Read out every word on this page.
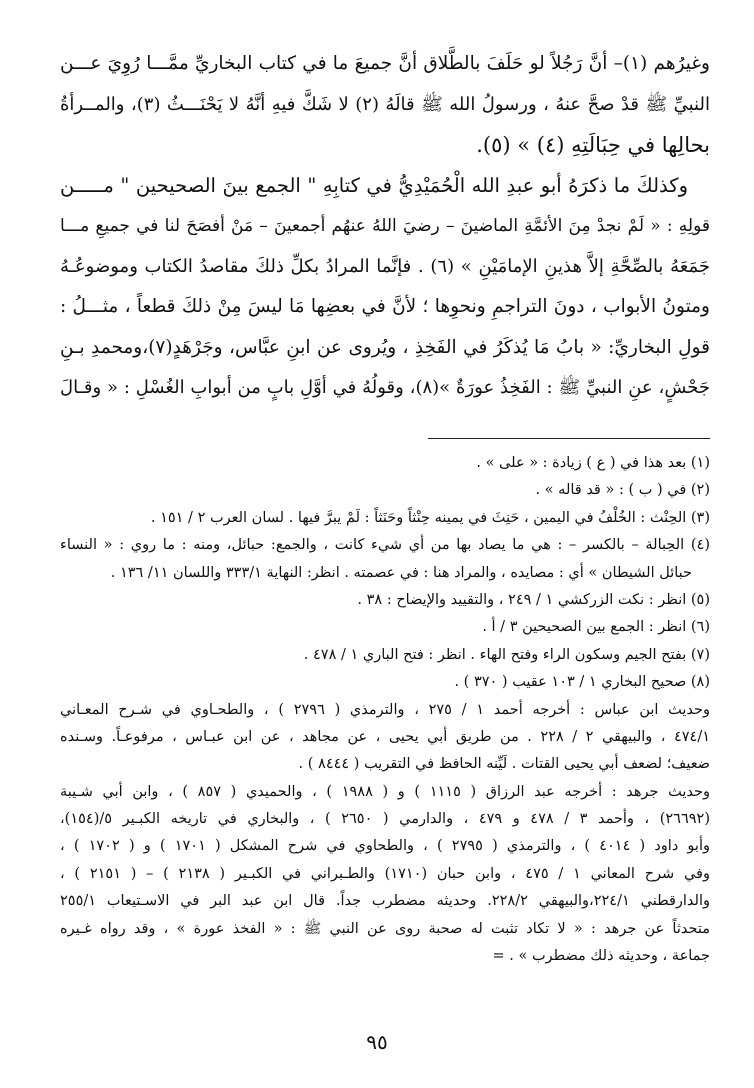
وغيرُهم (١)– أنَّ رَجُلاً لو حَلَفَ بالطَّلاق أنَّ جميعَ ما في كتاب البخاريِّ ممَّـــا رُوِيَ عـــن
النبيِّ ﷺ قدْ صحَّ عنهُ ، ورسولُ الله ﷺ قالَهُ (٢) لا شَكَّ فيهِ أنَّهُ لا يَحْنَـــثُ (٣)، والمــرأةُ
بحالِها في حِبَالَتِهِ (٤) » (٥).
وكذلكَ ما ذكرَهُ أبو عبدِ الله الْحُمَيْدِيُّ في كتابِهِ " الجمع بينَ الصحيحين " مـــــن
قولِهِ : « لَمْ نجدْ مِنَ الأئمَّةِ الماضينَ – رضيَ اللهُ عنهُم أجمعينَ – مَنْ أفصَحَ لنا في جميعِ مـــا
جَمَعَهُ بالصِّحَّةِ إلاَّ هذينِ الإمامَيْنِ » (٦) . فإنَّما المرادُ بكلِّ ذلكَ مقاصدُ الكتاب وموضوعُـهُ
ومتونُ الأبواب ، دونَ التراجمِ ونحوِها ؛ لأنَّ في بعضِها مَا ليسَ مِنْ ذلكَ قطعاً ، مثـــلُ :
قولِ البخاريِّ: « بابُ مَا يُذكَرُ في الفَخِذِ ، ويُروى عن ابنِ عبَّاس، وجَرْهَدٍ(٧)،ومحمدِ بـنِ
جَحْشٍ، عنِ النبيِّ ﷺ : الفَخِذُ عورَةٌ »(٨)، وقولُهُ في أوَّلِ بابٍ من أبوابِ الغُسْلِ : « وقـالَ
(١) بعد هذا في ( ع ) زيادة : « على » .
(٢) في ( ب ) : « قد قاله » .
(٣) الحِنْث : الخُلْفُ في اليمين ، حَنِثَ في يمينه حِنْثاً وحَنَثاً : لَمْ يبرَّ فيها . لسان العرب ٢ / ١٥١ .
(٤) الحِبالة – بالكسر – : هي ما يصاد بها من أي شيء كانت ، والجمع: حبائل، ومنه : ما روي : « النساء
حبائل الشيطان » أي : مصايده ، والمراد هنا : في عصمته . انظر: النهاية ٣٣٣/١ واللسان ١١/ ١٣٦ .
(٥) انظر : نكت الزركشي ١ / ٢٤٩ ، والتقييد والإيضاح : ٣٨ .
(٦) انظر : الجمع بين الصحيحين ٣ / أ .
(٧) بفتح الجيم وسكون الراء وفتح الهاء . انظر : فتح الباري ١ / ٤٧٨ .
(٨) صحيح البخاري ١ / ١٠٣ عقيب ( ٣٧٠ ) .
وحديث ابن عباس : أخرجه أحمد ١ / ٢٧٥ ، والترمذي ( ٢٧٩٦ ) ، والطحـاوي في شـرح المعـاني
٤٧٤/١ ، والبيهقي ٢ / ٢٢٨ . من طريق أبي يحيى ، عن مجاهد ، عن ابن عبـاس ، مرفوعـاً. وسـنده
ضعيف؛ لضعف أبي يحيى القتات . لَيِّنه الحافظ في التقريب ( ٨٤٤٤ ) .
وحديث جرهد : أخرجه عبد الرزاق ( ١١١٥ ) و ( ١٩٨٨ ) ، والحميدي ( ٨٥٧ ) ، وابن أبي شـيبة
(٢٦٦٩٢) ، وأحمد ٣ / ٤٧٨ و ٤٧٩ ، والدارمي ( ٢٦٥٠ ) ، والبخاري في تاريخه الكبـير ٥/(١٥٤)،
وأبو داود ( ٤٠١٤ ) ، والترمذي ( ٢٧٩٥ ) ، والطحاوي في شرح المشكل ( ١٧٠١ ) و ( ١٧٠٢ ) ،
وفي شرح المعاني ١ / ٤٧٥ ، وابن حبان (١٧١٠) والطـبراني في الكبـير ( ٢١٣٨ ) – ( ٢١٥١ ) ،
والدارقطني ٢٢٤/١،والبيهقي ٢٢٨/٢. وحديثه مضطرب جداً. قال ابن عبد البر في الاسـتيعاب ٢٥٥/١
متحدثاً عن جرهد : « لا تكاد تثبت له صحبة روى عن النبي ﷺ : « الفخذ عورة » ، وقد رواه غـيره
جماعة ، وحديثه ذلك مضطرب » . =
٩٥
